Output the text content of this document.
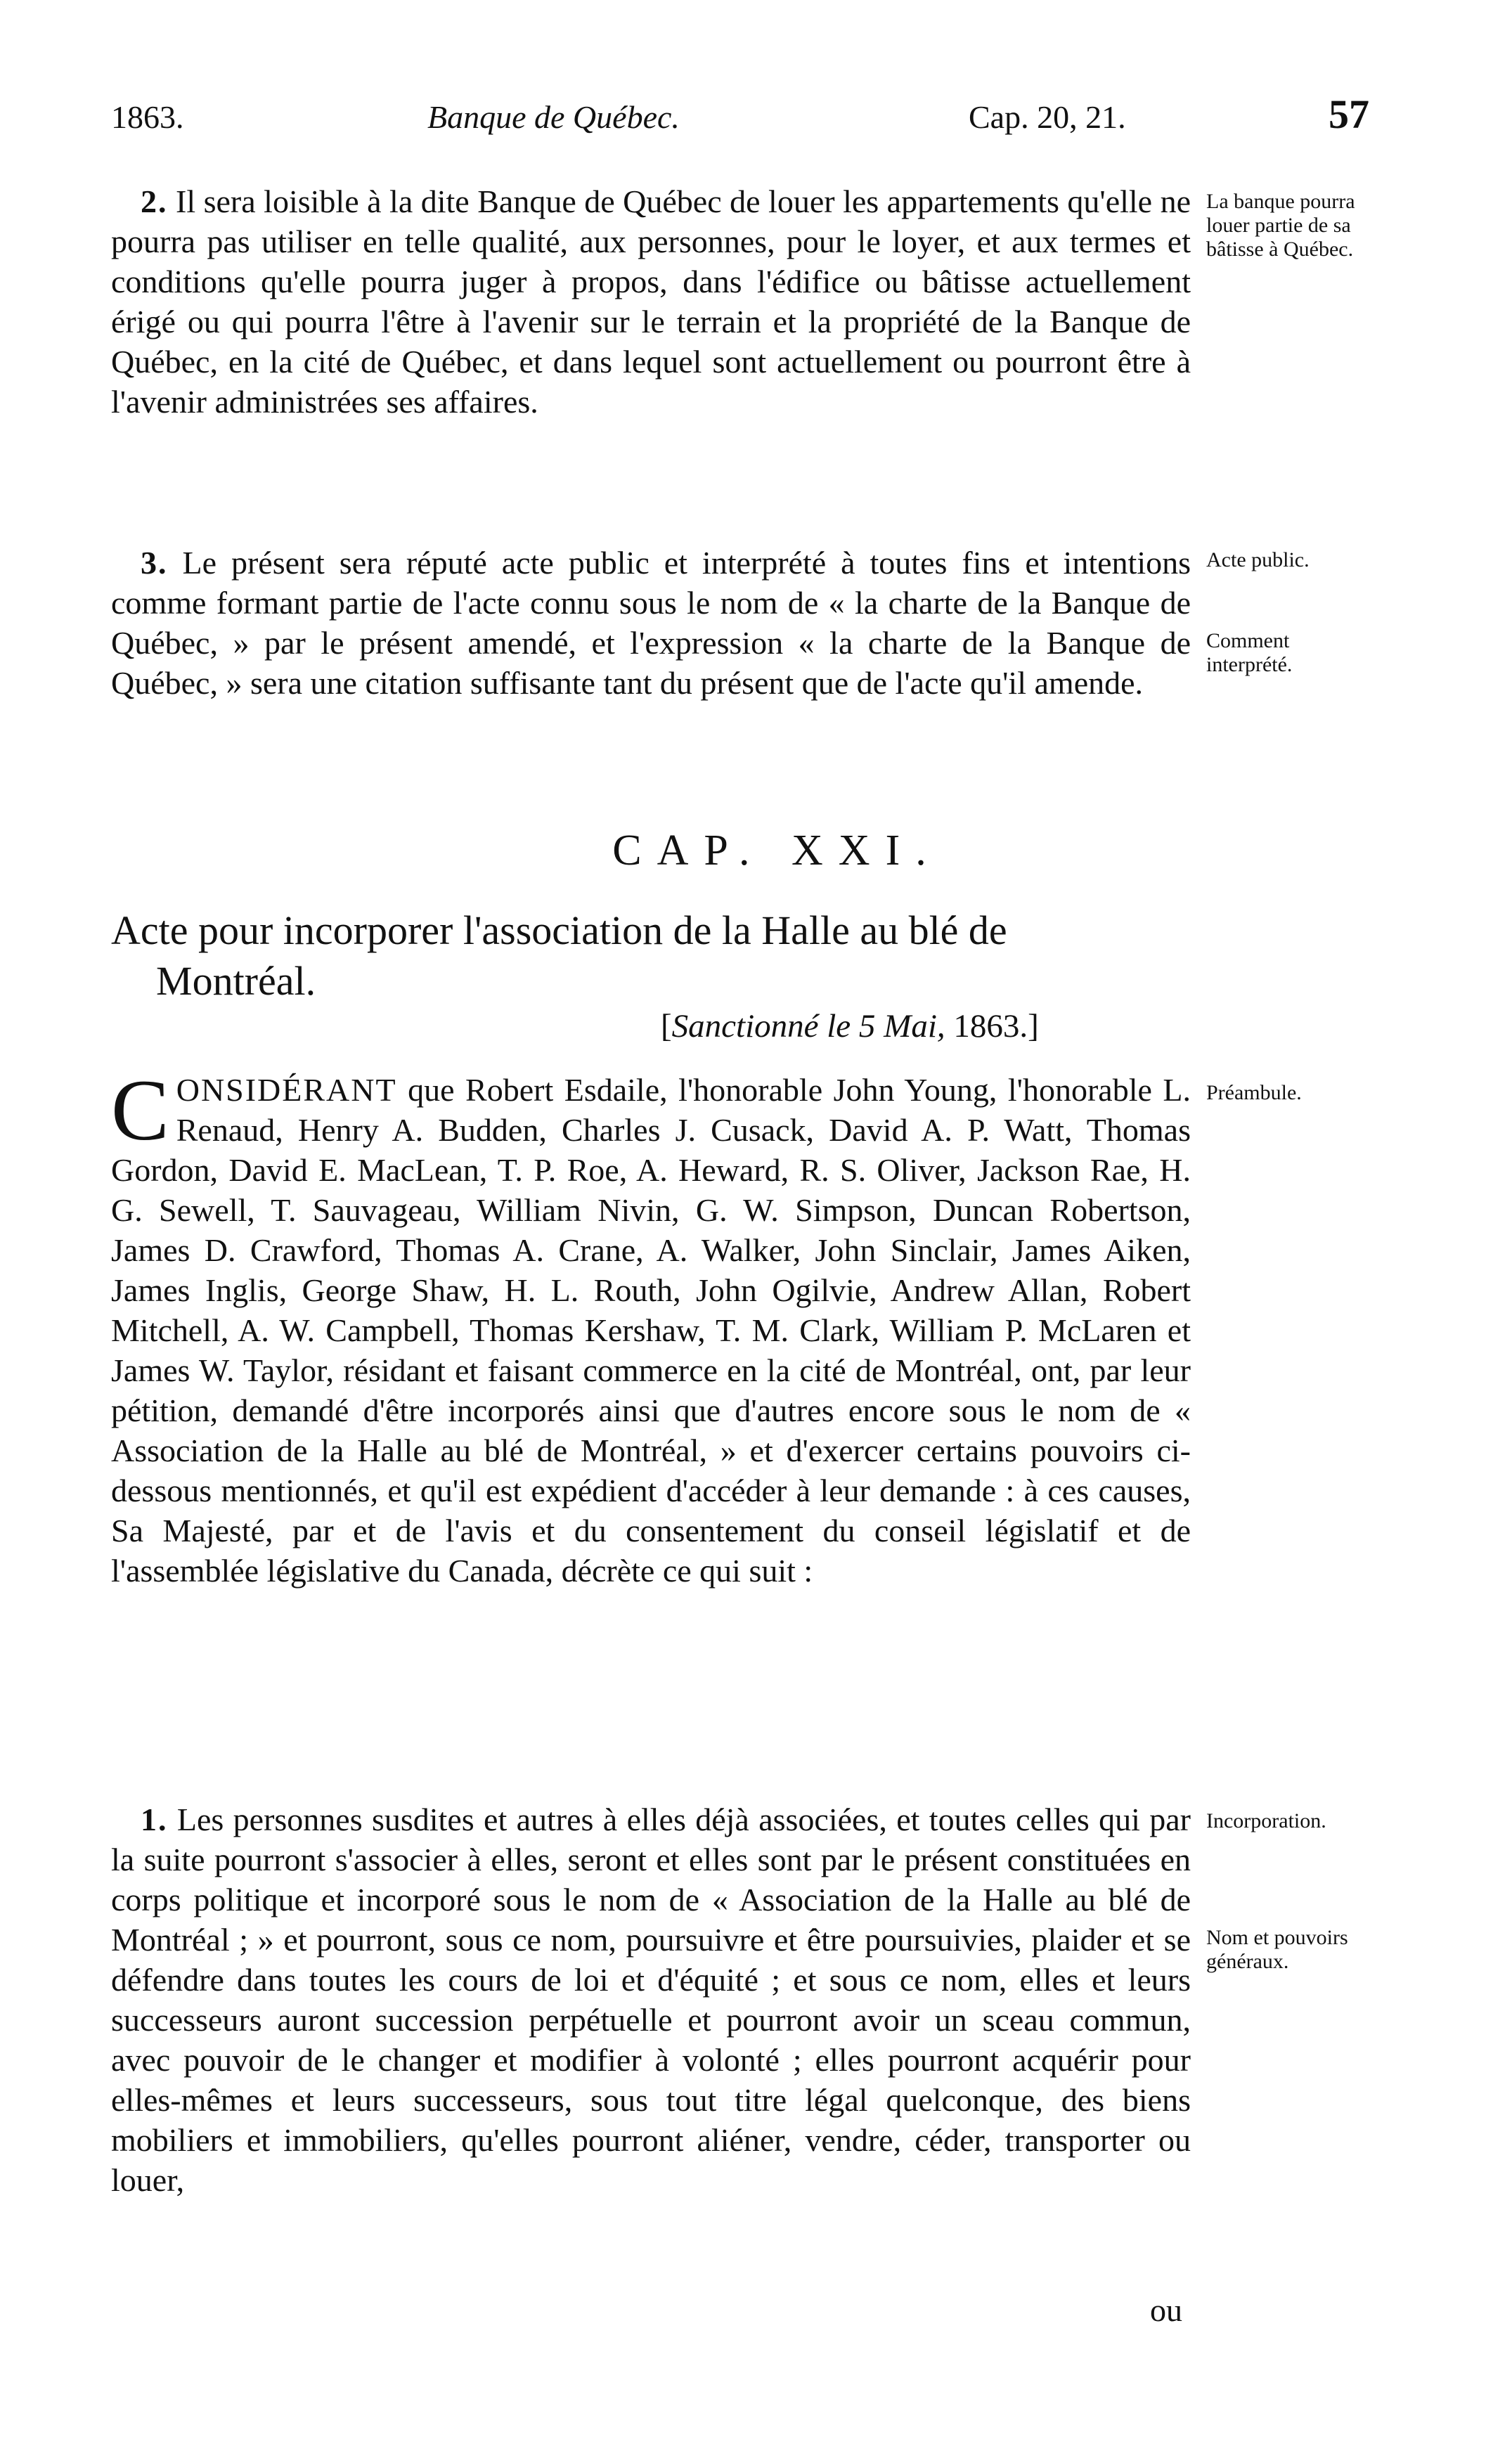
1863.	Banque de Québec.	Cap. 20, 21.	57

2. Il sera loisible à la dite Banque de Québec de louer les appartements qu'elle ne pourra pas utiliser en telle qualité, aux personnes, pour le loyer, et aux termes et conditions qu'elle pourra juger à propos, dans l'édifice ou bâtisse actuellement érigé ou qui pourra l'être à l'avenir sur le terrain et la propriété de la Banque de Québec, en la cité de Québec, et dans lequel sont actuellement ou pourront être à l'avenir administrées ses affaires.

La banque pourra louer partie de sa bâtisse à Québec.

3. Le présent sera réputé acte public et interprété à toutes fins et intentions comme formant partie de l'acte connu sous le nom de « la charte de la Banque de Québec, » par le présent amendé, et l'expression « la charte de la Banque de Québec, » sera une citation suffisante tant du présent que de l'acte qu'il amende.

Acte public.
Comment interprété.
CAP. XXI.
Acte pour incorporer l'association de la Halle au blé de
Montréal.
[Sanctionné le 5 Mai, 1863.]

C ONSIDÉRANT que Robert Esdaile, l'honorable John Young, l'honorable L. Renaud, Henry A. Budden, Charles J. Cusack, David A. P. Watt, Thomas Gordon, David E. MacLean, T. P. Roe, A. Heward, R. S. Oliver, Jackson Rae, H. G. Sewell, T. Sauvageau, William Nivin, G. W. Simpson, Duncan Robertson, James D. Crawford, Thomas A. Crane, A. Walker, John Sinclair, James Aiken, James Inglis, George Shaw, H. L. Routh, John Ogilvie, Andrew Allan, Robert Mitchell, A. W. Campbell, Thomas Kershaw, T. M. Clark, William P. McLaren et James W. Taylor, résidant et faisant commerce en la cité de Montréal, ont, par leur pétition, demandé d'être incorporés ainsi que d'autres encore sous le nom de « Association de la Halle au blé de Montréal, » et d'exercer certains pouvoirs ci-dessous mentionnés, et qu'il est expédient d'accéder à leur demande : à ces causes, Sa Majesté, par et de l'avis et du consentement du conseil législatif et de l'assemblée législative du Canada, décrète ce qui suit :

Préambule.

1. Les personnes susdites et autres à elles déjà associées, et toutes celles qui par la suite pourront s'associer à elles, seront et elles sont par le présent constituées en corps politique et incorporé sous le nom de « Association de la Halle au blé de Montréal ; » et pourront, sous ce nom, poursuivre et être poursuivies, plaider et se défendre dans toutes les cours de loi et d'équité ; et sous ce nom, elles et leurs successeurs auront succession perpétuelle et pourront avoir un sceau commun, avec pouvoir de le changer et modifier à volonté ; elles pourront acquérir pour elles-mêmes et leurs successeurs, sous tout titre légal quelconque, des biens mobiliers et immobiliers, qu'elles pourront aliéner, vendre, céder, transporter ou louer,

Incorporation.
Nom et pouvoirs généraux.
ou
